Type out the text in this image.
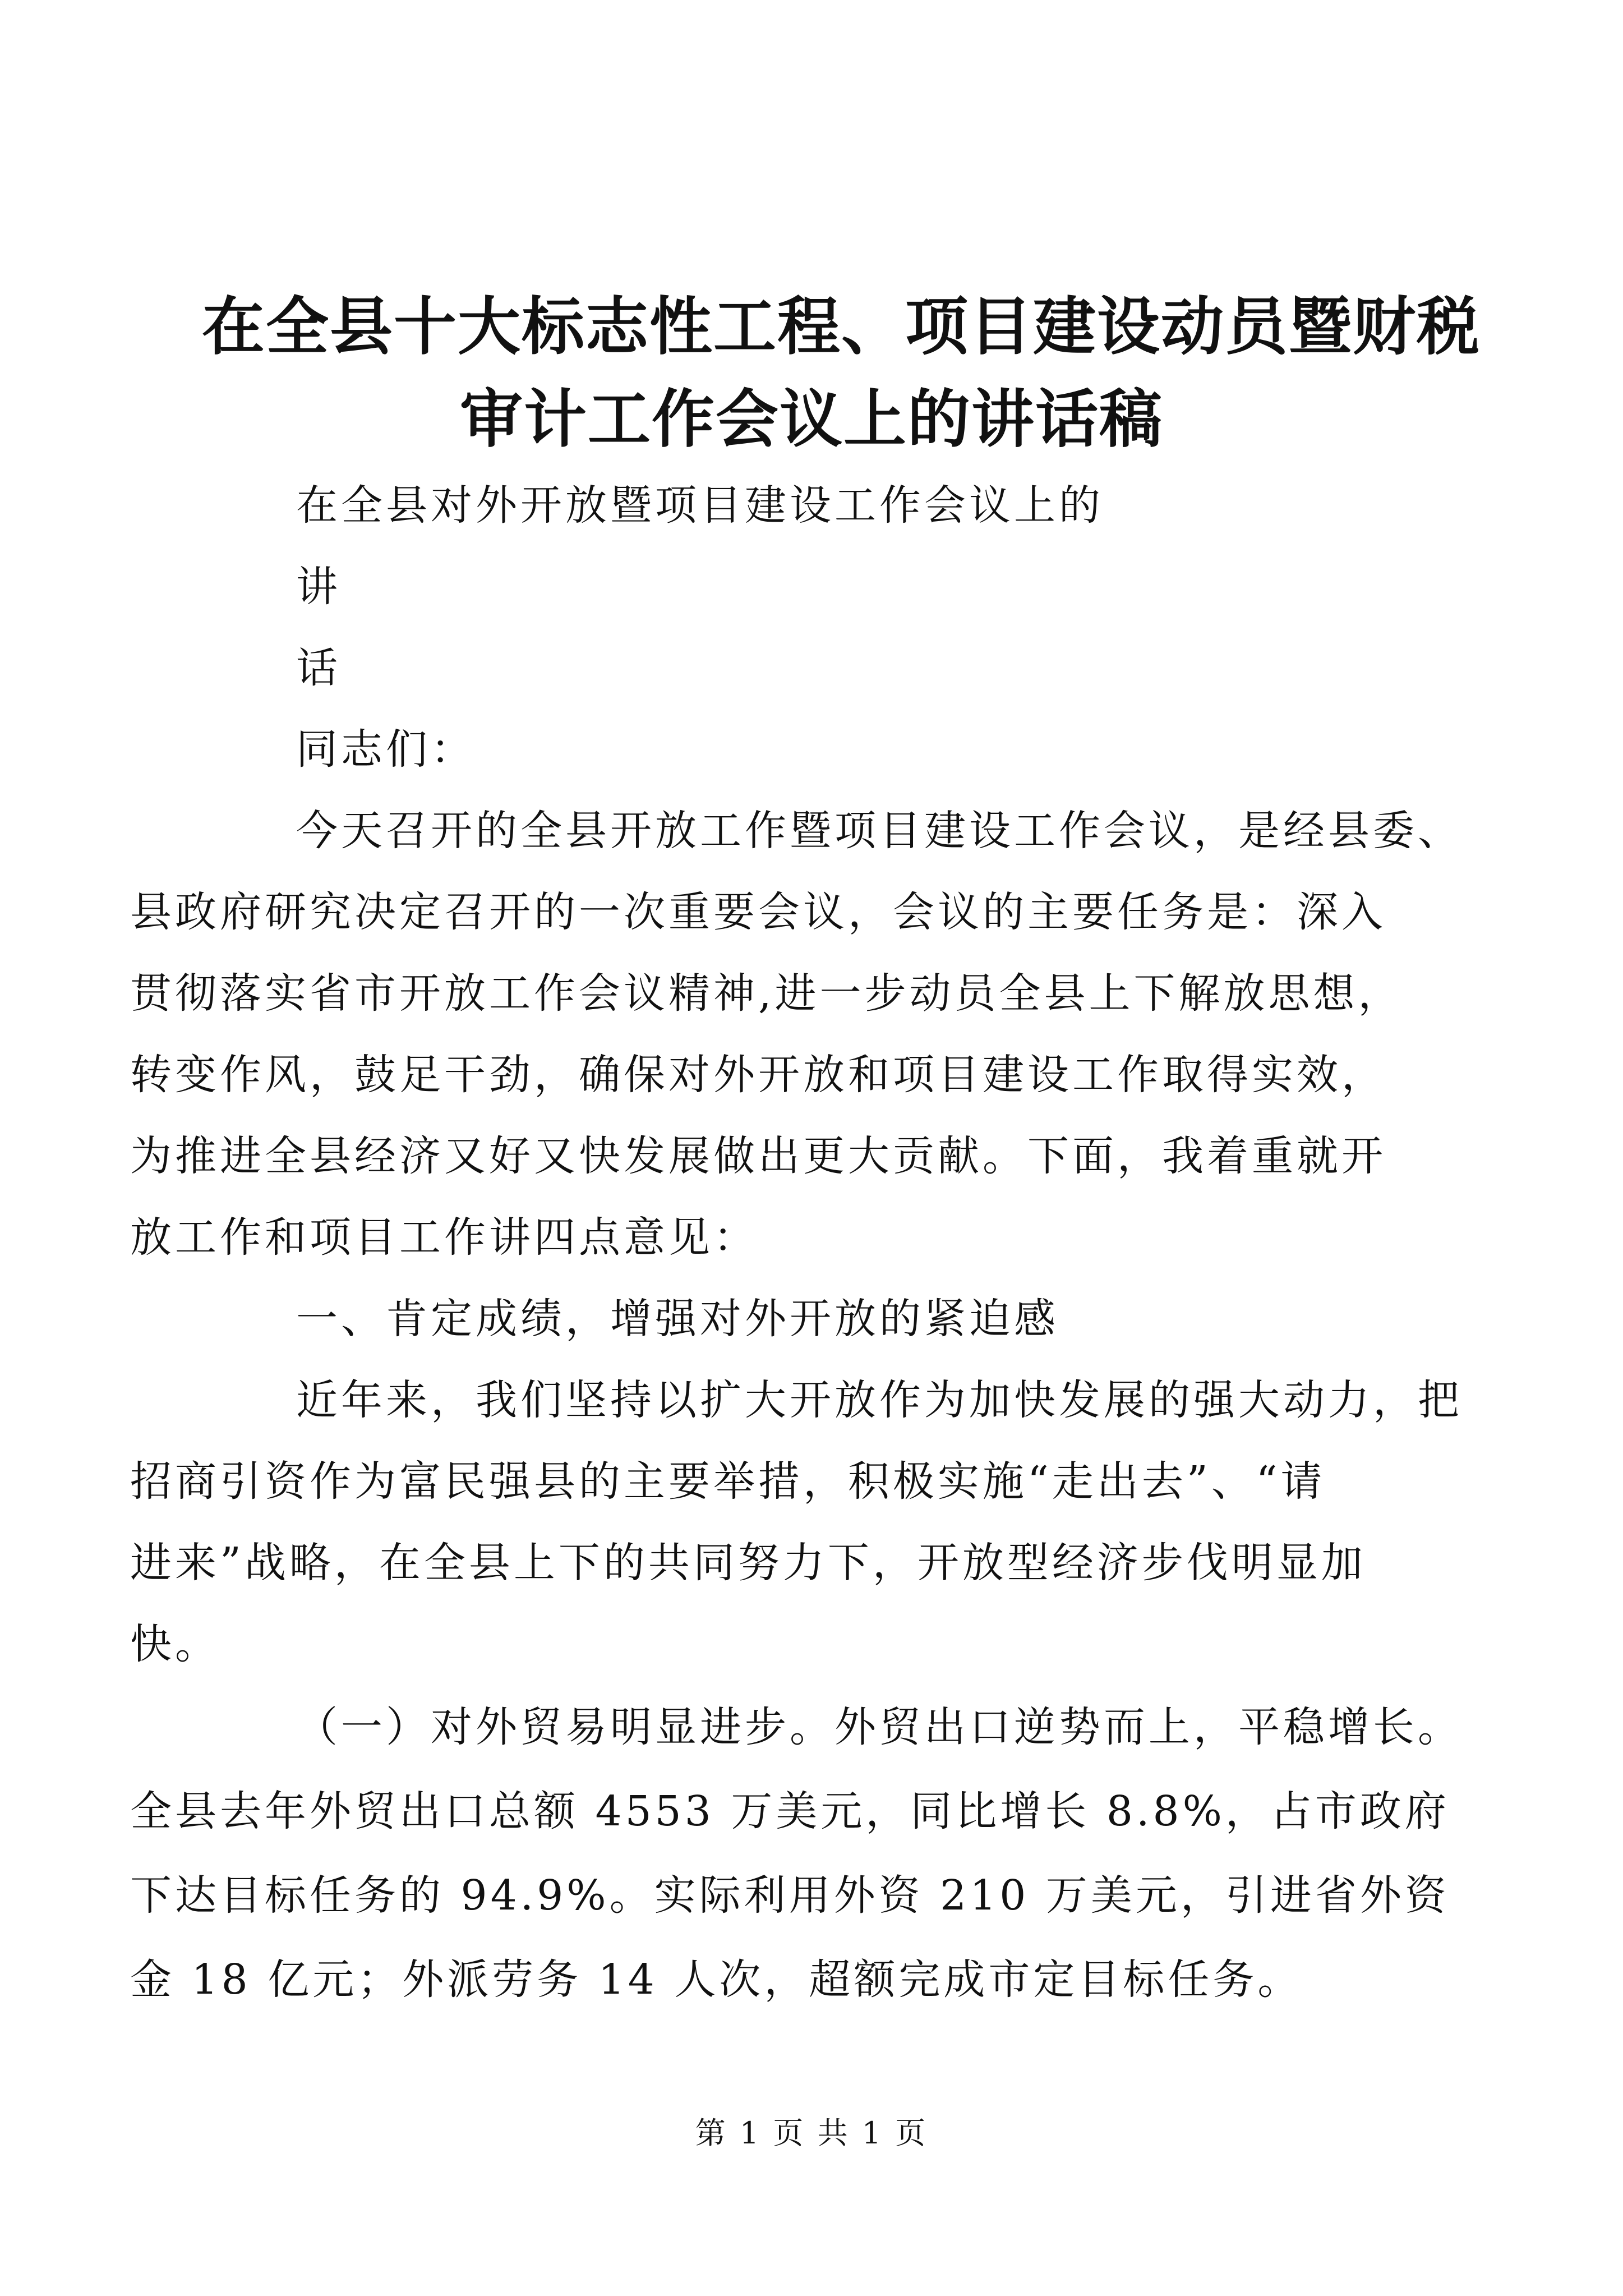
在全县十大标志性工程、项目建设动员暨财税
审计工作会议上的讲话稿
在全县对外开放暨项目建设工作会议上的
讲
话
同志们：
今天召开的全县开放工作暨项目建设工作会议，是经县委、
县政府研究决定召开的一次重要会议，会议的主要任务是：深入
贯彻落实省市开放工作会议精神,进一步动员全县上下解放思想，
转变作风，鼓足干劲，确保对外开放和项目建设工作取得实效，
为推进全县经济又好又快发展做出更大贡献。下面，我着重就开
放工作和项目工作讲四点意见：
一、肯定成绩，增强对外开放的紧迫感
近年来，我们坚持以扩大开放作为加快发展的强大动力，把
招商引资作为富民强县的主要举措，积极实施“走出去”、“请
进来”战略，在全县上下的共同努力下，开放型经济步伐明显加
快。
（一）对外贸易明显进步。外贸出口逆势而上，平稳增长。
全县去年外贸出口总额 4553 万美元，同比增长 8.8%，占市政府
下达目标任务的 94.9%。实际利用外资 210 万美元，引进省外资
金 18 亿元；外派劳务 14 人次，超额完成市定目标任务。
第 1 页 共 1 页
